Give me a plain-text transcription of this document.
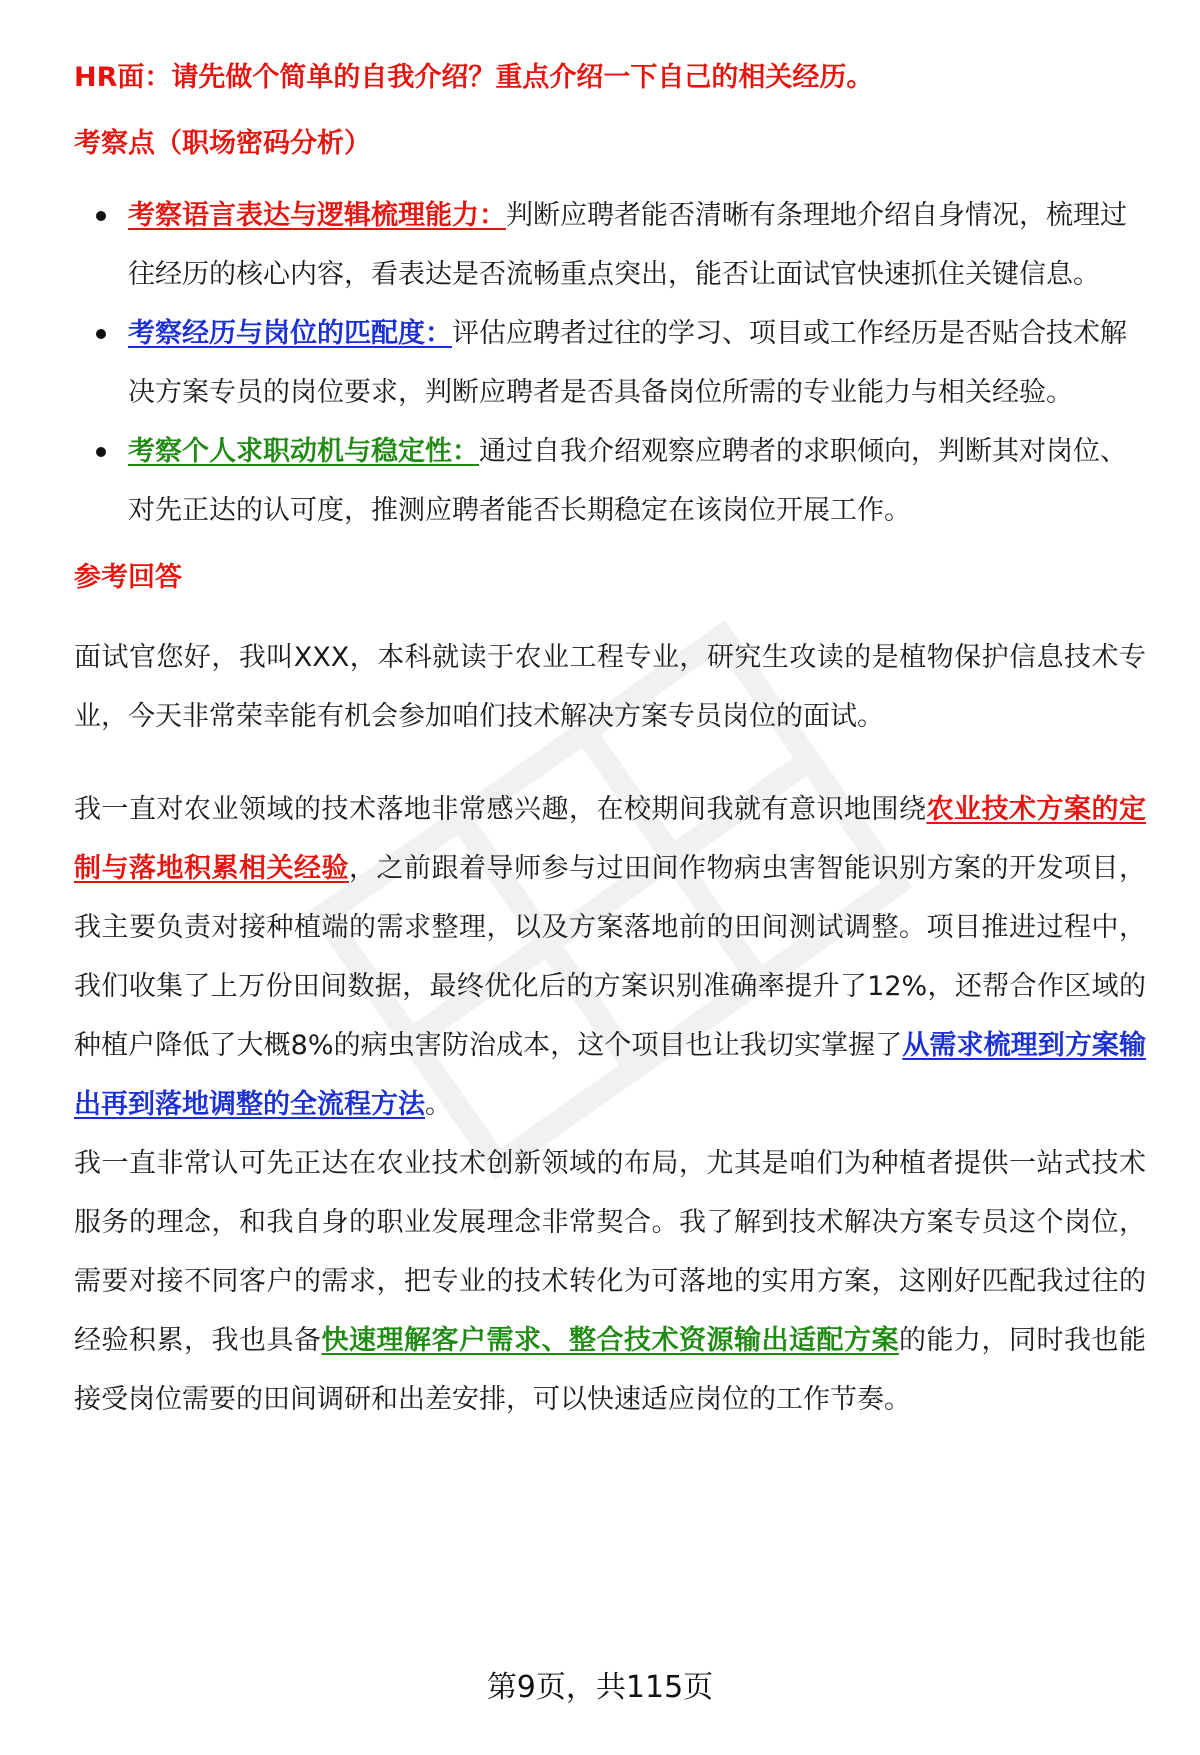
HR面：请先做个简单的自我介绍？重点介绍一下自己的相关经历。
考察点（职场密码分析）
考察语言表达与逻辑梳理能力：判断应聘者能否清晰有条理地介绍自身情况，梳理过往经历的核心内容，看表达是否流畅重点突出，能否让面试官快速抓住关键信息。
考察经历与岗位的匹配度：评估应聘者过往的学习、项目或工作经历是否贴合技术解决方案专员的岗位要求，判断应聘者是否具备岗位所需的专业能力与相关经验。
考察个人求职动机与稳定性：通过自我介绍观察应聘者的求职倾向，判断其对岗位、对先正达的认可度，推测应聘者能否长期稳定在该岗位开展工作。
参考回答

面试官您好，我叫XXX，本科就读于农业工程专业，研究生攻读的是植物保护信息技术专业，今天非常荣幸能有机会参加咱们技术解决方案专员岗位的面试。

我一直对农业领域的技术落地非常感兴趣，在校期间我就有意识地围绕农业技术方案的定制与落地积累相关经验，之前跟着导师参与过田间作物病虫害智能识别方案的开发项目，我主要负责对接种植端的需求整理，以及方案落地前的田间测试调整。项目推进过程中，我们收集了上万份田间数据，最终优化后的方案识别准确率提升了12%，还帮合作区域的种植户降低了大概8%的病虫害防治成本，这个项目也让我切实掌握了从需求梳理到方案输出再到落地调整的全流程方法。

我一直非常认可先正达在农业技术创新领域的布局，尤其是咱们为种植者提供一站式技术服务的理念，和我自身的职业发展理念非常契合。我了解到技术解决方案专员这个岗位，需要对接不同客户的需求，把专业的技术转化为可落地的实用方案，这刚好匹配我过往的经验积累，我也具备快速理解客户需求、整合技术资源输出适配方案的能力，同时我也能接受岗位需要的田间调研和出差安排，可以快速适应岗位的工作节奏。

第9页，共115页
